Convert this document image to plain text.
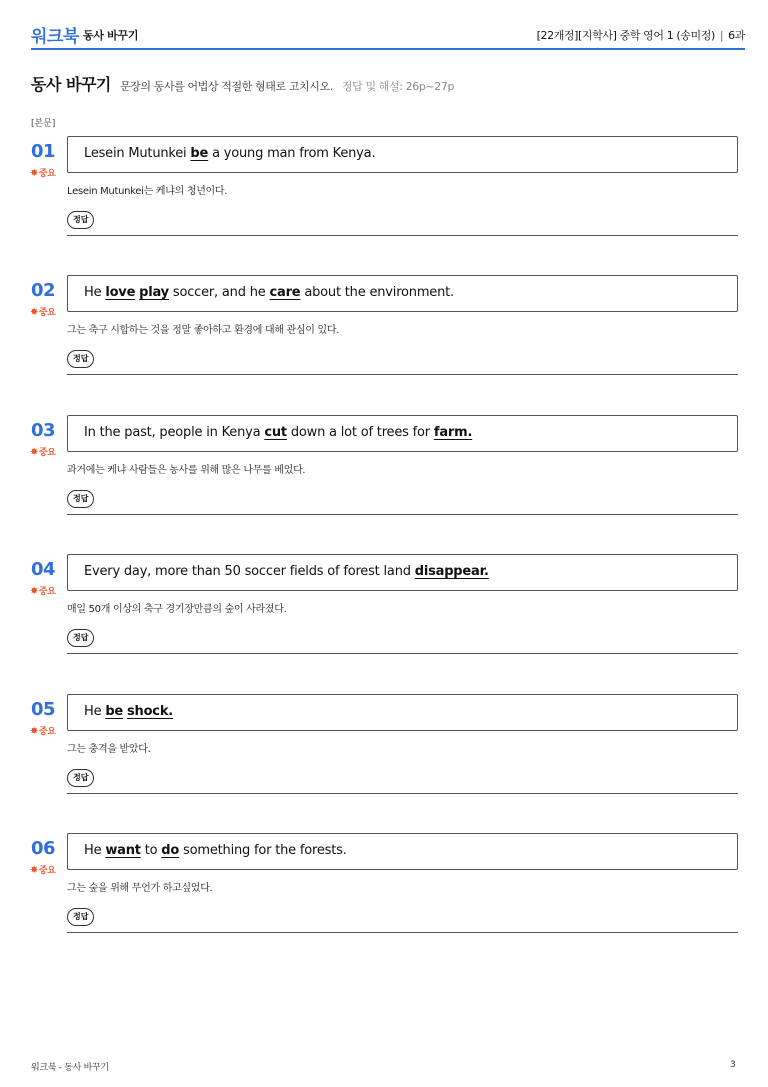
워크북 동사 바꾸기	[22개정][지학사] 중학 영어 1 (송미정) | 6과
동사 바꾸기 문장의 동사를 어법상 적절한 형태로 고치시오. 정답 및 해설: 26p~27p
[본문]
01
✸중요
Lesein Mutunkei be a young man from Kenya.
Lesein Mutunkei는 케냐의 청년이다.
정답
02
✸중요
He love play soccer, and he care about the environment.
그는 축구 시합하는 것을 정말 좋아하고 환경에 대해 관심이 있다.
정답
03
✸중요
In the past, people in Kenya cut down a lot of trees for farm.
과거에는 케냐 사람들은 농사를 위해 많은 나무를 베었다.
정답
04
✸중요
Every day, more than 50 soccer fields of forest land disappear.
매일 50개 이상의 축구 경기장만큼의 숲이 사라졌다.
정답
05
✸중요
He be shock.
그는 충격을 받았다.
정답
06
✸중요
He want to do something for the forests.
그는 숲을 위해 무언가 하고싶었다.
정답
워크북 - 동사 바꾸기	3
